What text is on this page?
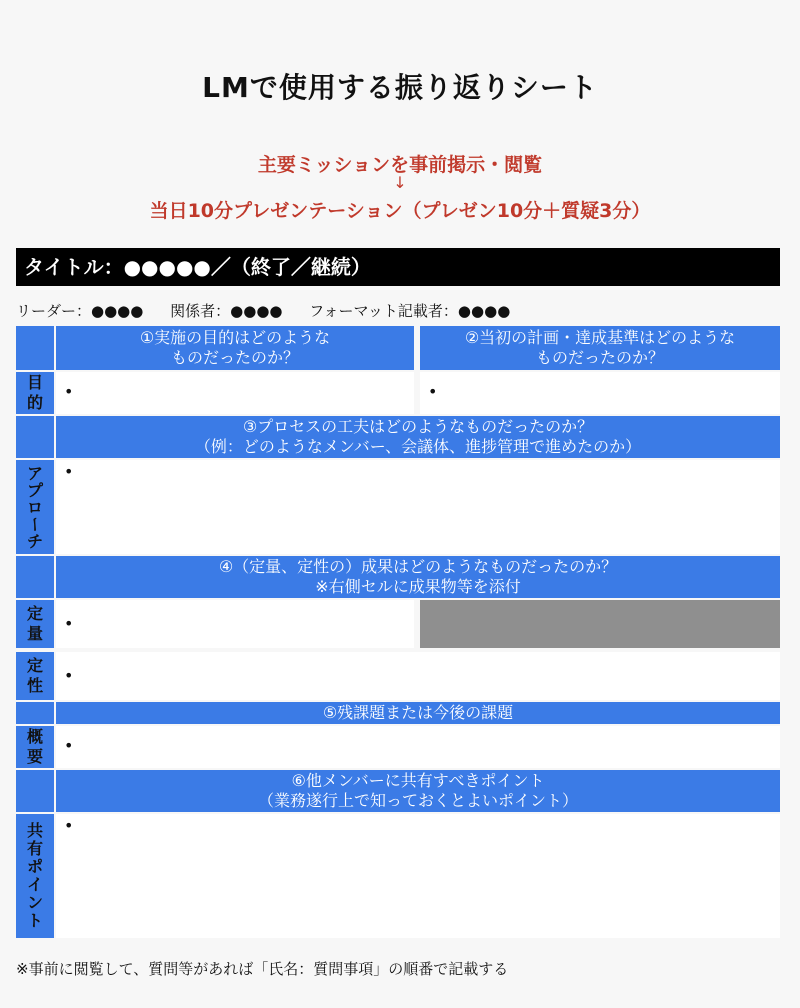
LMで使用する振り返りシート
主要ミッションを事前掲示・閲覧
↓
当日10分プレゼンテーション（プレゼン10分＋質疑3分）
タイトル：●●●●●／（終了／継続）
リーダー：●●●● 関係者：●●●● フォーマット記載者：●●●●
①実施の目的はどのような
ものだったのか？
②当初の計画・達成基準はどのような
ものだったのか？
目
的
•	•
③プロセスの工夫はどのようなものだったのか？
（例：どのようなメンバー、会議体、進捗管理で進めたのか）
ア
プ
ロ
ー
チ
•
④（定量、定性の）成果はどのようなものだったのか？
※右側セルに成果物等を添付
定
量
•
定
性
•
⑤残課題または今後の課題
概
要
•
⑥他メンバーに共有すべきポイント
（業務遂行上で知っておくとよいポイント）
共
有
ポ
イ
ン
ト
•
※事前に閲覧して、質問等があれば「氏名：質問事項」の順番で記載する
